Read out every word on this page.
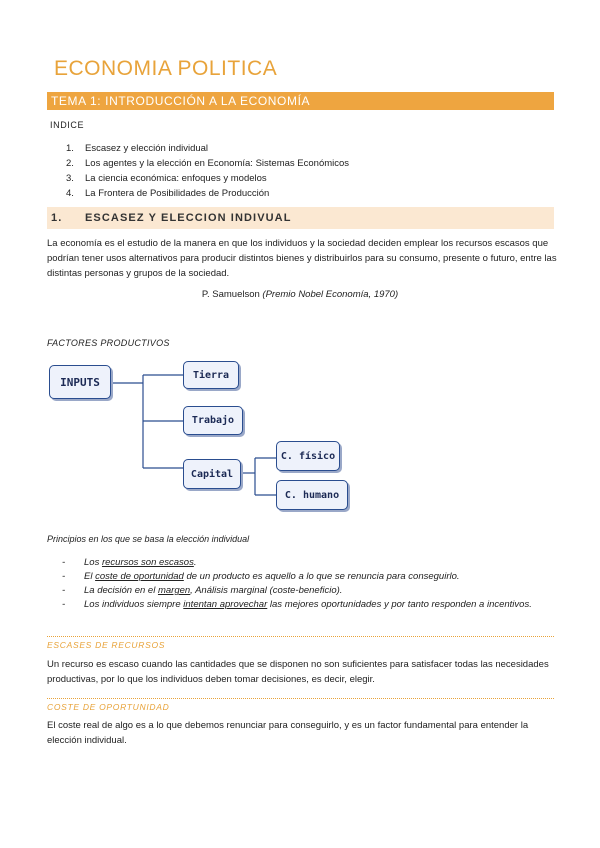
ECONOMIA POLITICA
TEMA 1: INTRODUCCIÓN A LA ECONOMÍA
INDICE
1. Escasez y elección individual
2. Los agentes y la elección en Economía: Sistemas Económicos
3. La ciencia económica: enfoques y modelos
4. La Frontera de Posibilidades de Producción
1. ESCASEZ Y ELECCION INDIVUAL
La economía es el estudio de la manera en que los individuos y la sociedad deciden emplear los recursos escasos que podrían tener usos alternativos para producir distintos bienes y distribuirlos para su consumo, presente o futuro, entre las distintas personas y grupos de la sociedad.
P. Samuelson (Premio Nobel Economía, 1970)
FACTORES PRODUCTIVOS
INPUTS
Tierra
Trabajo
Capital
C. físico
C. humano
Principios en los que se basa la elección individual
- Los recursos son escasos.
- El coste de oportunidad de un producto es aquello a lo que se renuncia para conseguirlo.
- La decisión en el margen, Análisis marginal (coste-beneficio).
- Los individuos siempre intentan aprovechar las mejores oportunidades y por tanto responden a incentivos.
ESCASES DE RECURSOS
Un recurso es escaso cuando las cantidades que se disponen no son suficientes para satisfacer todas las necesidades productivas, por lo que los individuos deben tomar decisiones, es decir, elegir.
COSTE DE OPORTUNIDAD
El coste real de algo es a lo que debemos renunciar para conseguirlo, y es un factor fundamental para entender la elección individual.
